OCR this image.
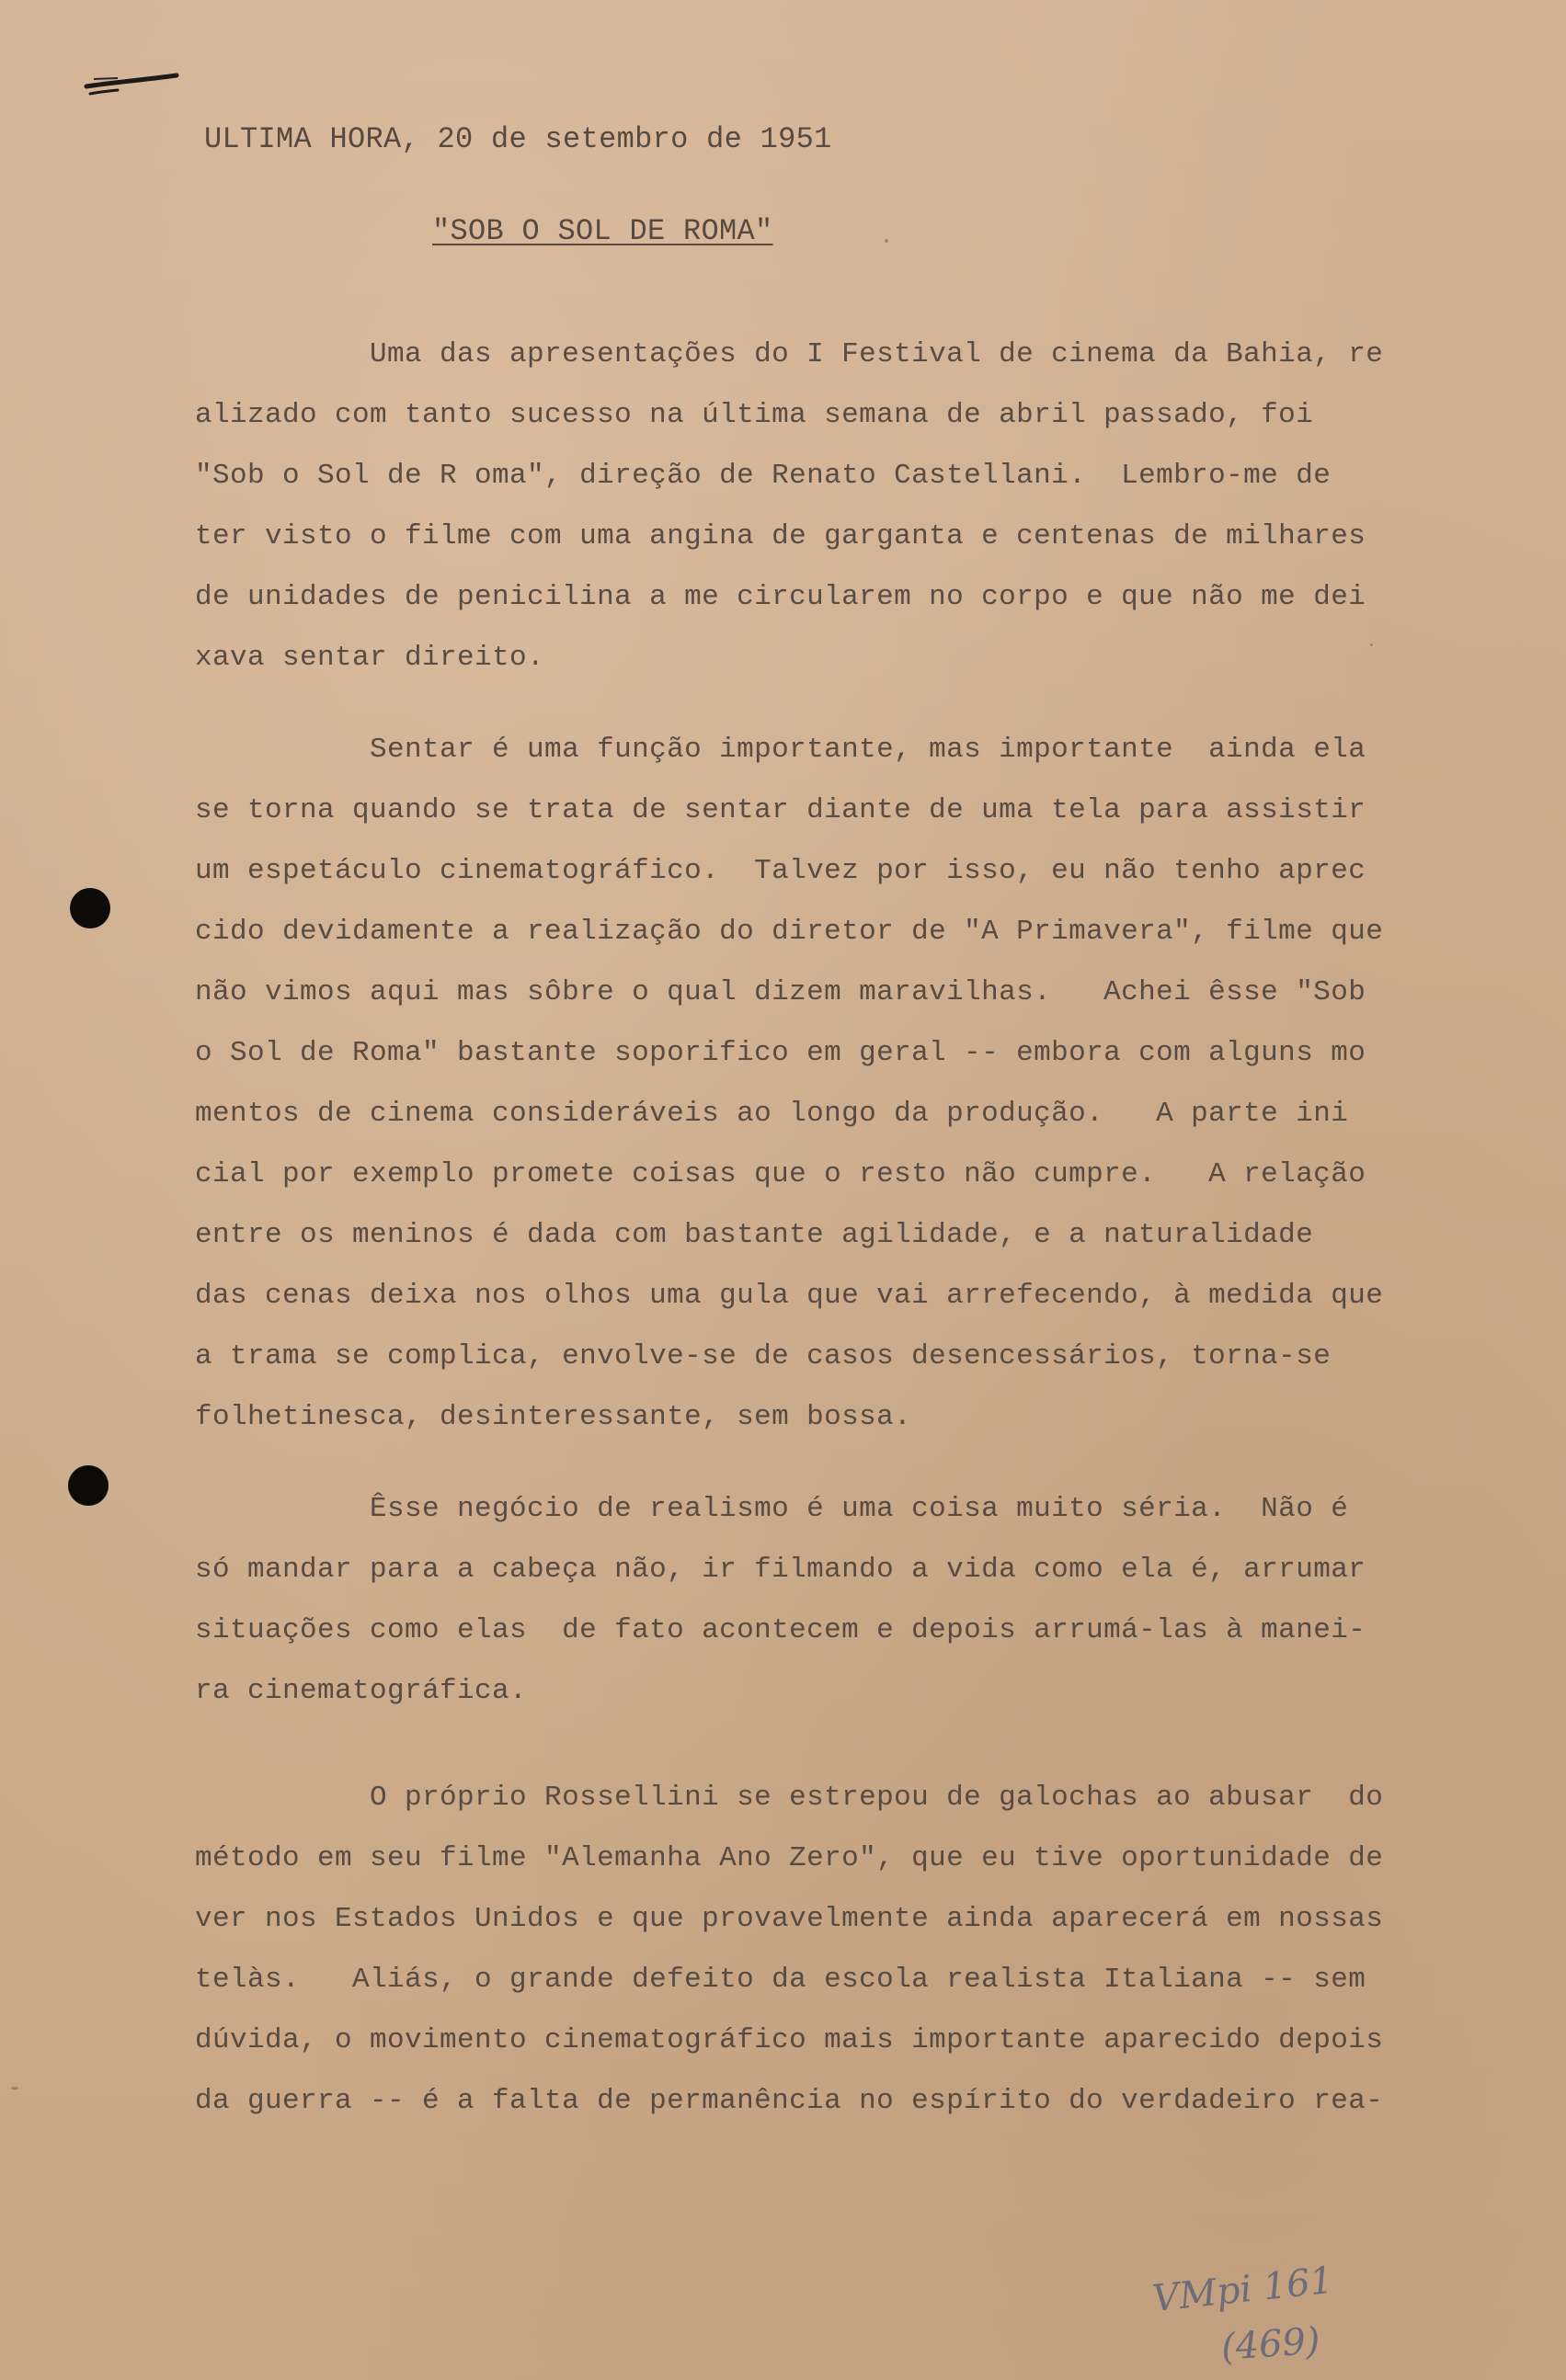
ULTIMA HORA, 20 de setembro de 1951
"SOB O SOL DE ROMA"
Uma das apresentações do I Festival de cinema da Bahia, re
alizado com tanto sucesso na última semana de abril passado, foi
"Sob o Sol de R oma", direção de Renato Castellani.  Lembro-me de
ter visto o filme com uma angina de garganta e centenas de milhares
de unidades de penicilina a me circularem no corpo e que não me dei
xava sentar direito.
Sentar é uma função importante, mas importante  ainda ela
se torna quando se trata de sentar diante de uma tela para assistir
um espetáculo cinematográfico.  Talvez por isso, eu não tenho aprec
cido devidamente a realização do diretor de "A Primavera", filme que
não vimos aqui mas sôbre o qual dizem maravilhas.   Achei êsse "Sob
o Sol de Roma" bastante soporifico em geral -- embora com alguns mo
mentos de cinema consideráveis ao longo da produção.   A parte ini
cial por exemplo promete coisas que o resto não cumpre.   A relação
entre os meninos é dada com bastante agilidade, e a naturalidade
das cenas deixa nos olhos uma gula que vai arrefecendo, à medida que
a trama se complica, envolve-se de casos desencessários, torna-se
folhetinesca, desinteressante, sem bossa.
Êsse negócio de realismo é uma coisa muito séria.  Não é
só mandar para a cabeça não, ir filmando a vida como ela é, arrumar
situações como elas  de fato acontecem e depois arrumá-las à manei-
ra cinematográfica.
O próprio Rossellini se estrepou de galochas ao abusar  do
método em seu filme "Alemanha Ano Zero", que eu tive oportunidade de
ver nos Estados Unidos e que provavelmente ainda aparecerá em nossas
telàs.   Aliás, o grande defeito da escola realista Italiana -- sem
dúvida, o movimento cinematográfico mais importante aparecido depois
da guerra -- é a falta de permanência no espírito do verdadeiro rea-
VMpi 161
(469)
